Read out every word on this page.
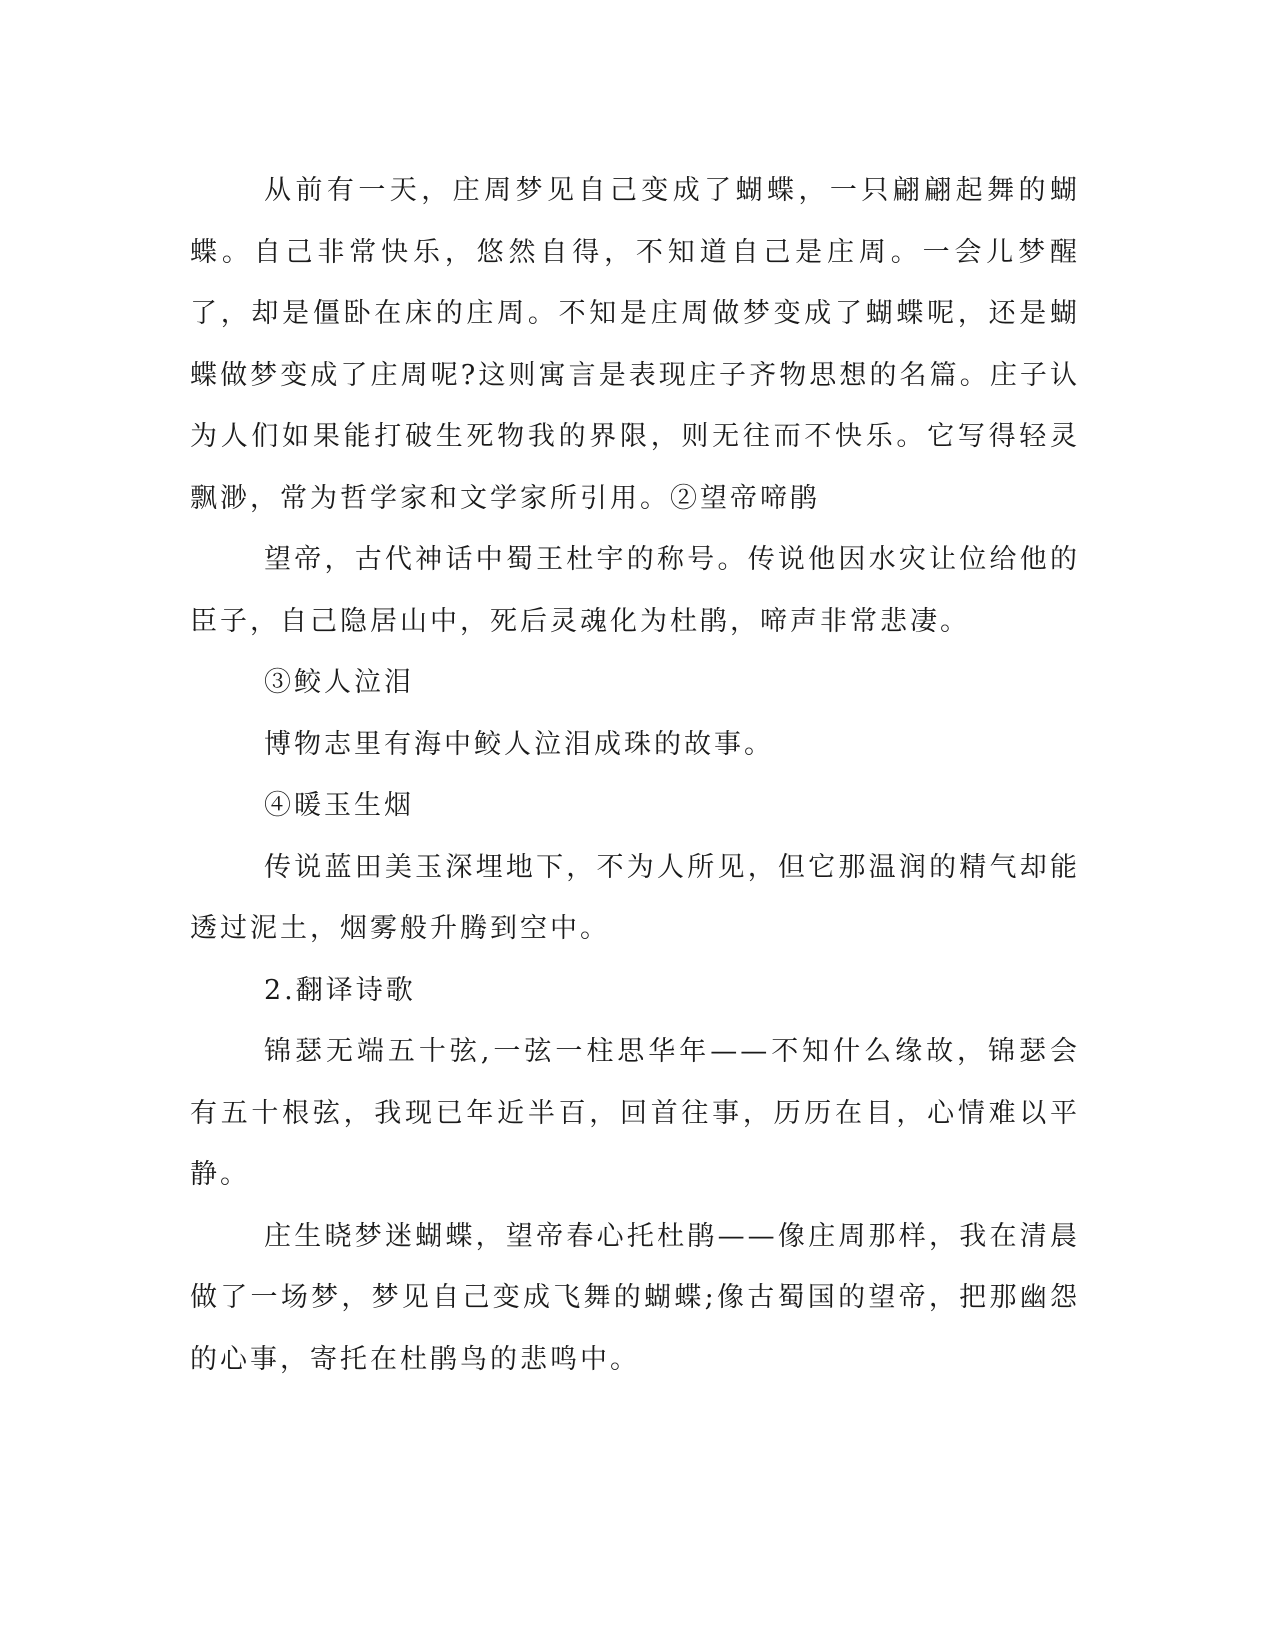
从前有一天，庄周梦见自己变成了蝴蝶，一只翩翩起舞的蝴蝶。自己非常快乐，悠然自得，不知道自己是庄周。一会儿梦醒了，却是僵卧在床的庄周。不知是庄周做梦变成了蝴蝶呢，还是蝴蝶做梦变成了庄周呢?这则寓言是表现庄子齐物思想的名篇。庄子认为人们如果能打破生死物我的界限，则无往而不快乐。它写得轻灵飘渺，常为哲学家和文学家所引用。②望帝啼鹃

望帝，古代神话中蜀王杜宇的称号。传说他因水灾让位给他的臣子，自己隐居山中，死后灵魂化为杜鹃，啼声非常悲凄。

③鲛人泣泪

博物志里有海中鲛人泣泪成珠的故事。

④暖玉生烟

传说蓝田美玉深埋地下，不为人所见，但它那温润的精气却能透过泥土，烟雾般升腾到空中。

2.翻译诗歌

锦瑟无端五十弦,一弦一柱思华年——不知什么缘故，锦瑟会有五十根弦，我现已年近半百，回首往事，历历在目，心情难以平静。

庄生晓梦迷蝴蝶，望帝春心托杜鹃——像庄周那样，我在清晨做了一场梦，梦见自己变成飞舞的蝴蝶;像古蜀国的望帝，把那幽怨的心事，寄托在杜鹃鸟的悲鸣中。
